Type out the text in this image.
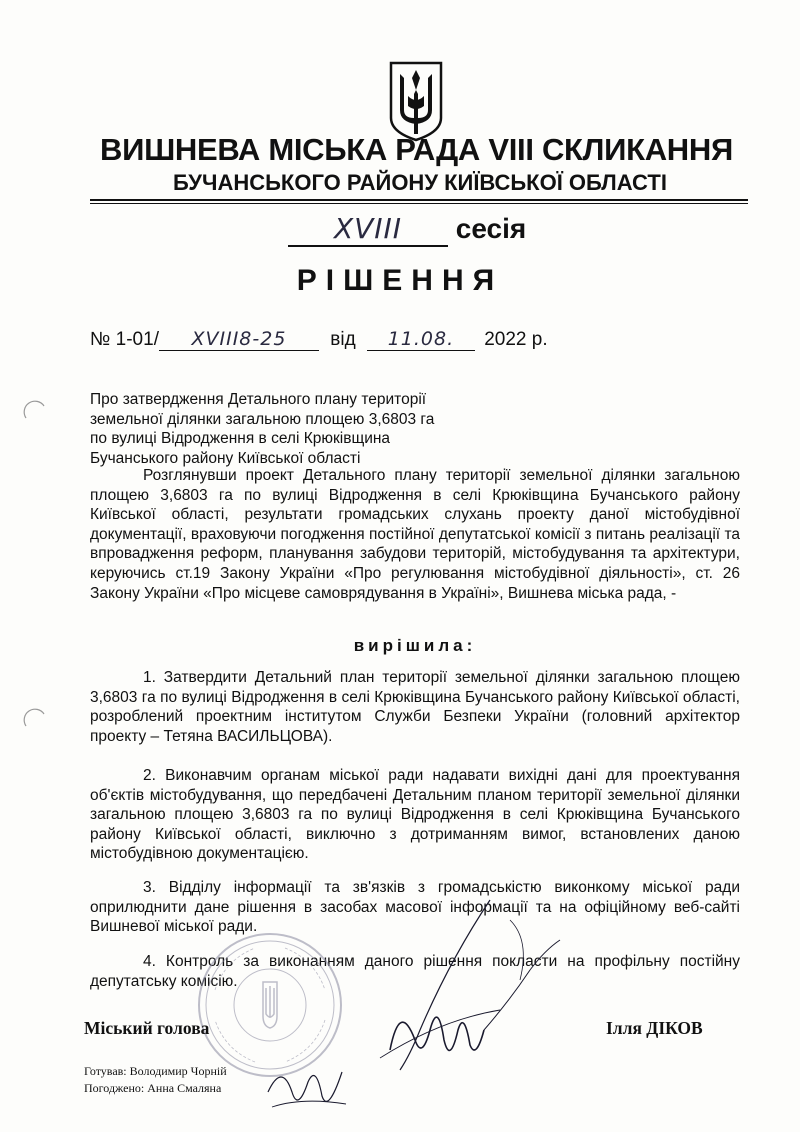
ВИШНЕВА МІСЬКА РАДА VIII СКЛИКАННЯ
БУЧАНСЬКОГО РАЙОНУ КИЇВСЬКОЇ ОБЛАСТІ
XVIII сесія
РІШЕННЯ
№ 1-01/ XVIII8-25 від 11.08. 2022 р.
Про затвердження Детального плану території
земельної ділянки загальною площею 3,6803 га
по вулиці Відродження в селі Крюківщина
Бучанського району Київської області
Розглянувши проект Детального плану території земельної ділянки загальною площею 3,6803 га по вулиці Відродження в селі Крюківщина Бучанського району Київської області, результати громадських слухань проекту даної містобудівної документації, враховуючи погодження постійної депутатської комісії з питань реалізації та впровадження реформ, планування забудови територій, містобудування та архітектури, керуючись ст.19 Закону України «Про регулювання містобудівної діяльності», ст. 26 Закону України «Про місцеве самоврядування в Україні», Вишнева міська рада, -
вирішила:
1. Затвердити Детальний план території земельної ділянки загальною площею 3,6803 га по вулиці Відродження в селі Крюківщина Бучанського району Київської області, розроблений проектним інститутом Служби Безпеки України (головний архітектор проекту – Тетяна ВАСИЛЬЦОВА).
2. Виконавчим органам міської ради надавати вихідні дані для проектування об'єктів містобудування, що передбачені Детальним планом території земельної ділянки загальною площею 3,6803 га по вулиці Відродження в селі Крюківщина Бучанського району Київської області, виключно з дотриманням вимог, встановлених даною містобудівною документацією.
3. Відділу інформації та зв'язків з громадськістю виконкому міської ради оприлюднити дане рішення в засобах масової інформації та на офіційному веб-сайті Вишневої міської ради.
4. Контроль за виконанням даного рішення покласти на профільну постійну депутатську комісію.
Міський голова	Ілля ДІКОВ
Готував: Володимир Чорній
Погоджено: Анна Смаляна
